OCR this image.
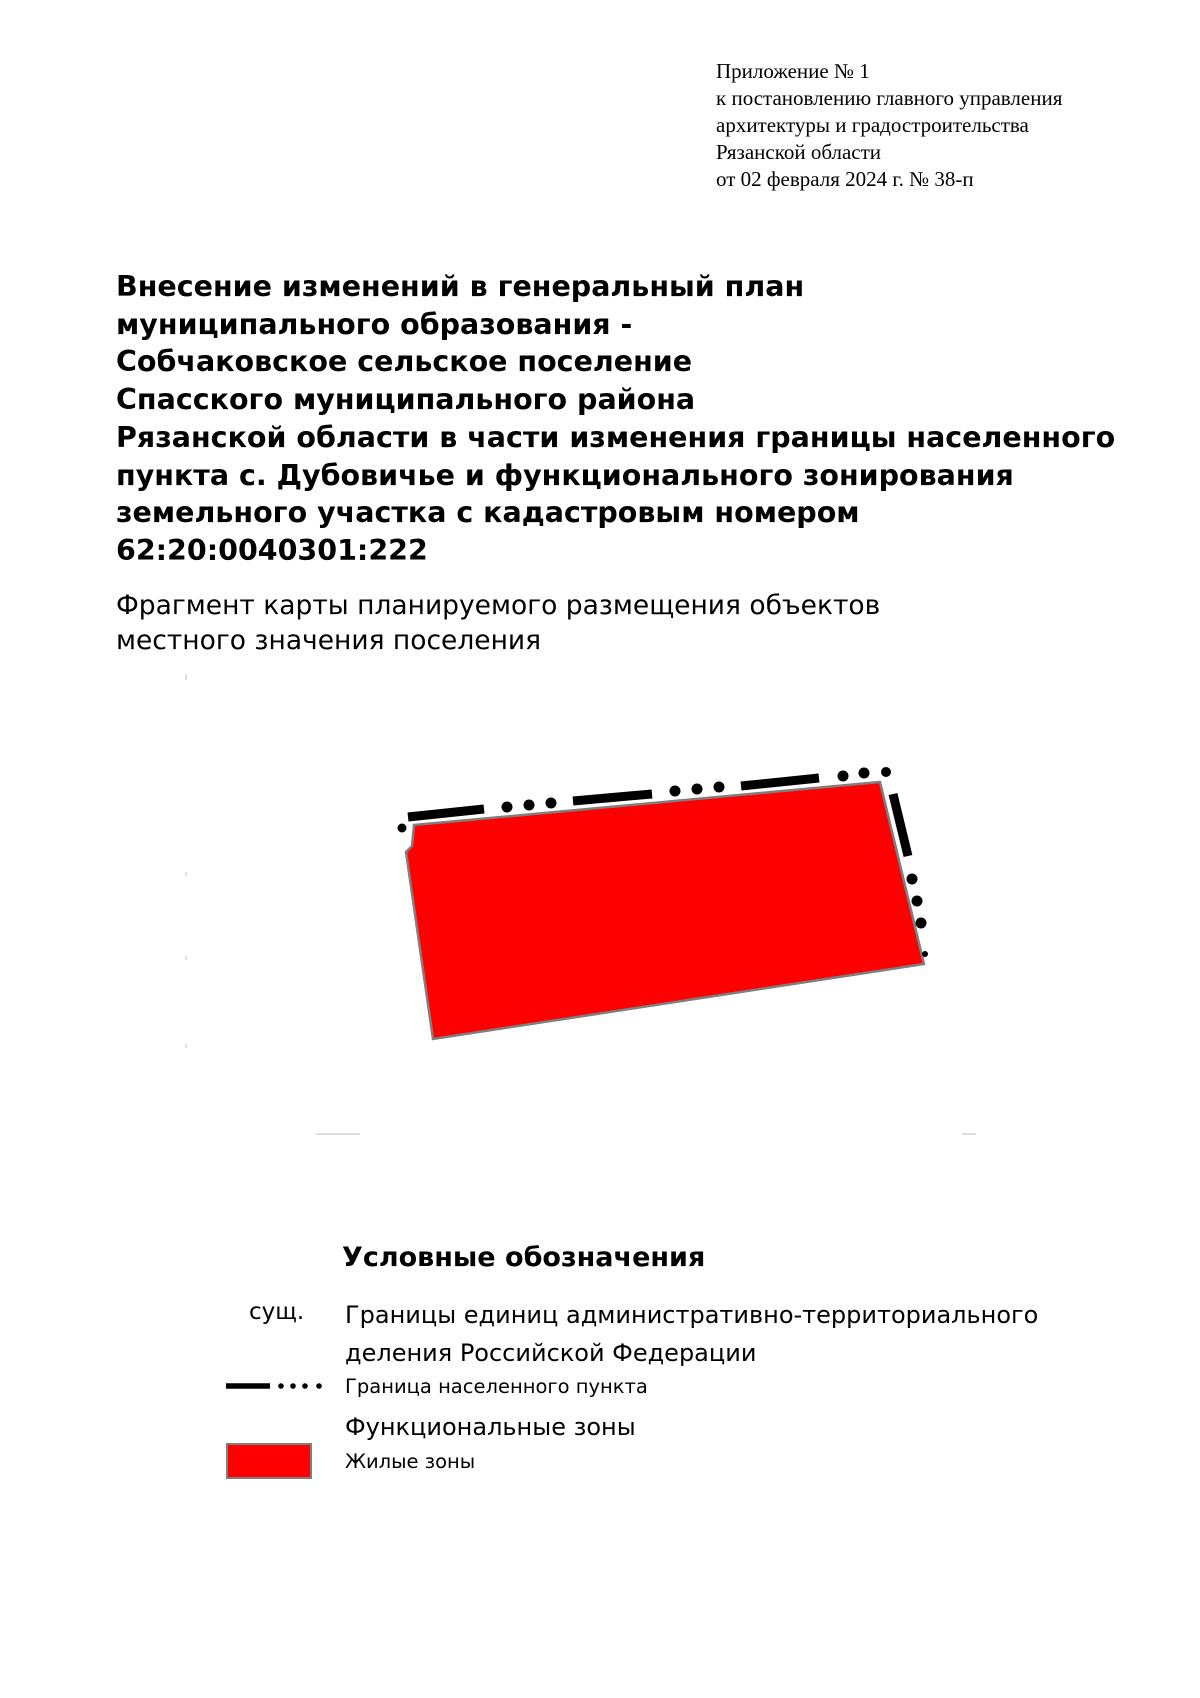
Приложение № 1
к постановлению главного управления
архитектуры и градостроительства
Рязанской области
от 02 февраля 2024 г. № 38-п
Внесение изменений в генеральный план
муниципального образования -
Собчаковское сельское поселение
Спасского муниципального района
Рязанской области в части изменения границы населенного
пункта с. Дубовичье и функционального зонирования
земельного участка с кадастровым номером
62:20:0040301:222
Фрагмент карты планируемого размещения объектов
местного значения поселения
Условные обозначения
сущ. Границы единиц административно-территориального
деления Российской Федерации
Граница населенного пункта
Функциональные зоны
Жилые зоны
